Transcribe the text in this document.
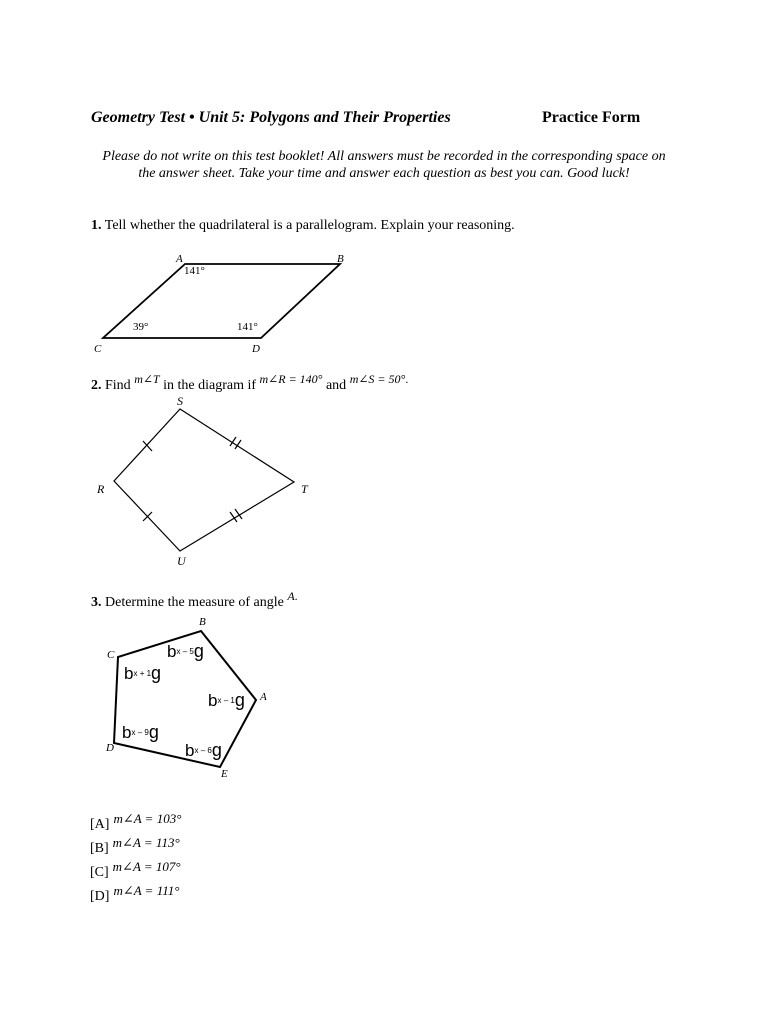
Geometry Test • Unit 5: Polygons and Their Properties	Practice Form
Please do not write on this test booklet! All answers must be recorded in the corresponding space on the answer sheet. Take your time and answer each question as best you can. Good luck!
1. Tell whether the quadrilateral is a parallelogram. Explain your reasoning.
A	B
C	D
141°
39°	141°
2. Find m∠T in the diagram if m∠R = 140° and m∠S = 50°.
S
R	T
U
3. Determine the measure of angle A.
B
C
A
D
E
bx – 5g
bx + 1g
bx – 1g
bx – 9g
bx – 6g
[A] m∠A = 103°
[B] m∠A = 113°
[C] m∠A = 107°
[D] m∠A = 111°
